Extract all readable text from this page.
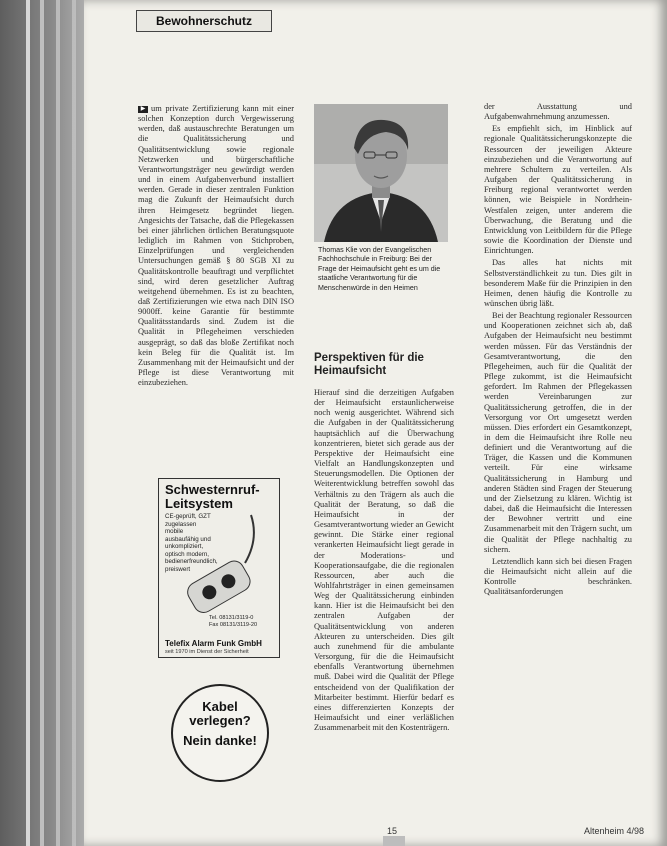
Bewohnerschutz

▶ um private Zertifizierung kann mit einer solchen Konzeption durch Vergewisserung werden, daß austauschrechte Beratungen um die Qualitätssicherung und Qualitätsentwicklung sowie regionale Netzwerken und bürgerschaftliche Verantwortungsträger neu gewürdigt werden und in einem Aufgabenverbund installiert werden. Gerade in dieser zentralen Funktion mag die Zukunft der Heimaufsicht durch ihren Heimgesetz begründet liegen. Angesichts der Tatsache, daß die Pflegekassen bei einer jährlichen örtlichen Beratungsquote lediglich im Rahmen von Stichproben, Einzelprüfungen und vergleichenden Untersuchungen gemäß § 80 SGB XI zu Qualitätskontrolle beauftragt und verpflichtet sind, wird deren gesetzlicher Auftrag weitgehend übernehmen. Es ist zu beachten, daß Zertifizierungen wie etwa nach DIN ISO 9000ff. keine Garantie für bestimmte Qualitätsstandards sind. Zudem ist die Qualität in Pflegeheimen verschieden ausgeprägt, so daß das bloße Zertifikat noch kein Beleg für die Qualität ist. Im Zusammenhang mit der Heimaufsicht und der Pflege ist diese Verantwortung mit einzubeziehen.

Thomas Klie von der Evangelischen Fachhochschule in Freiburg: Bei der Frage der Heimaufsicht geht es um die staatliche Verantwortung für die Menschenwürde in den Heimen
Perspektiven für die Heimaufsicht

Hierauf sind die derzeitigen Aufgaben der Heimaufsicht erstaunlicherweise noch wenig ausgerichtet. Während sich die Aufgaben in der Qualitätssicherung hauptsächlich auf die Überwachung konzentrieren, bietet sich gerade aus der Perspektive der Heimaufsicht eine Vielfalt an Handlungskonzepten und Steuerungsmodellen. Die Optionen der Weiterentwicklung betreffen sowohl das Verhältnis zu den Trägern als auch die Qualität der Beratung, so daß die Heimaufsicht in der Gesamtverantwortung wieder an Gewicht gewinnt. Die Stärke einer regional verankerten Heimaufsicht liegt gerade in der Moderations- und Kooperationsaufgabe, die die regionalen Ressourcen, aber auch die Wohlfahrtsträger in einen gemeinsamen Weg der Qualitätssicherung einbinden kann. Hier ist die Heimaufsicht bei den zentralen Aufgaben der Qualitätsentwicklung von anderen Akteuren zu unterscheiden. Dies gilt auch zunehmend für die ambulante Versorgung, für die die Heimaufsicht ebenfalls Verantwortung übernehmen muß. Dabei wird die Qualität der Pflege entscheidend von der Qualifikation der Mitarbeiter bestimmt. Hierfür bedarf es eines differenzierten Konzepts der Heimaufsicht und einer verläßlichen Zusammenarbeit mit den Kostenträgern.

der Ausstattung und Aufgabenwahrnehmung anzumessen.

Es empfiehlt sich, im Hinblick auf regionale Qualitätssicherungskonzepte die Ressourcen der jeweiligen Akteure einzubeziehen und die Verantwortung auf mehrere Schultern zu verteilen. Als Aufgaben der Qualitätssicherung in Freiburg regional verantwortet werden können, wie Beispiele in Nordrhein-Westfalen zeigen, unter anderem die Überwachung, die Beratung und die Entwicklung von Leitbildern für die Pflege sowie die Koordination der Dienste und Einrichtungen.

Das alles hat nichts mit Selbstverständlichkeit zu tun. Dies gilt in besonderem Maße für die Prinzipien in den Heimen, denen häufig die Kontrolle zu wünschen übrig läßt.

Bei der Beachtung regionaler Ressourcen und Kooperationen zeichnet sich ab, daß Aufgaben der Heimaufsicht neu bestimmt werden müssen. Für das Verständnis der Gesamtverantwortung, die den Pflegeheimen, auch für die Qualität der Pflege zukommt, ist die Heimaufsicht gefordert. Im Rahmen der Pflegekassen werden Vereinbarungen zur Qualitätssicherung getroffen, die in der Versorgung vor Ort umgesetzt werden müssen. Dies erfordert ein Gesamtkonzept, in dem die Heimaufsicht ihre Rolle neu definiert und die Verantwortung auf die Träger, die Kassen und die Kommunen verteilt. Für eine wirksame Qualitätssicherung in Hamburg und anderen Städten sind Fragen der Steuerung und der Zielsetzung zu klären. Wichtig ist dabei, daß die Heimaufsicht die Interessen der Bewohner vertritt und eine Zusammenarbeit mit den Trägern sucht, um die Qualität der Pflege nachhaltig zu sichern.

Letztendlich kann sich bei diesen Fragen die Heimaufsicht nicht allein auf die Kontrolle beschränken. Qualitätsanforderungen

Schwesternruf-Leitsystem
CE-geprüft, GZT zugelassen mobile ausbaufähig und unkompliziert, optisch modern, bedienerfreundlich, preiswert
Tel. 08131/3119-0
Fax 08131/3119-20
Telefix Alarm Funk GmbH
seit 1970 im Dienst der Sicherheit
Kabel verlegen?
Nein danke!
15	Altenheim 4/98
